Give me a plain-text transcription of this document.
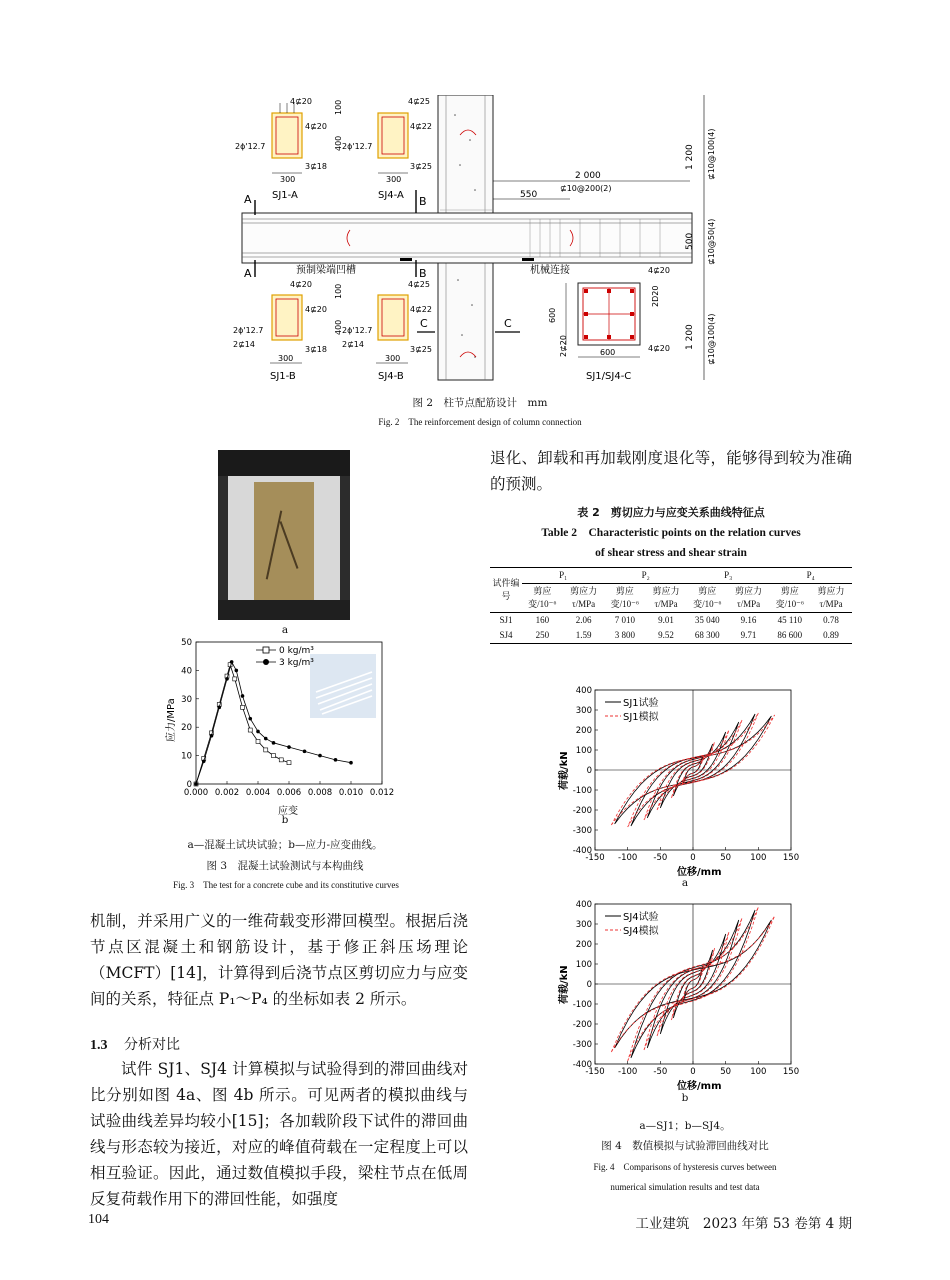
A
A
B
B
C	C
预制梁端凹槽	机械连接
2 000
⊈10@200(2)
550
1 200 ⊈10@100(4)
500 ⊈10@50(4)
1 200 ⊈10@100(4)
4⊈20
4⊈20
3⊈18
2ϕ'12.7
300
400
100
SJ1-A
4⊈25
4⊈22
3⊈25
2ϕ'12.7
300
SJ4-A
4⊈20
4⊈20
3⊈18
2ϕ'12.7
2⊈14
300
SJ1-B
4⊈25
4⊈22
3⊈25
2ϕ'12.7
2⊈14
300
400
100
SJ4-B
4⊈20
2D20
2⊈20	4⊈20
600
600
SJ1/SJ4-C
图 2　柱节点配筋设计　mm
Fig. 2　The reinforcement design of column connection
a
0.000 0.002 0.004 0.006 0.008 0.010 0.012
0
10
20
30
40
50
0 kg/m³
3 kg/m³
应变
应力/MPa
b
a—混凝土试块试验；b—应力-应变曲线。
图 3　混凝土试验测试与本构曲线
Fig. 3　The test for a concrete cube and its constitutive curves
机制，并采用广义的一维荷载变形滞回模型。根据后浇节点区混凝土和钢筋设计，基于修正斜压场理论（MCFT）[14]，计算得到后浇节点区剪切应力与应变间的关系，特征点 P₁～P₄ 的坐标如表 2 所示。
1.3 分析对比
试件 SJ1、SJ4 计算模拟与试验得到的滞回曲线对比分别如图 4a、图 4b 所示。可见两者的模拟曲线与试验曲线差异均较小[15]；各加载阶段下试件的滞回曲线与形态较为接近，对应的峰值荷载在一定程度上可以相互验证。因此，通过数值模拟手段，梁柱节点在低周反复荷载作用下的滞回性能，如强度
退化、卸载和再加载刚度退化等，能够得到较为准确的预测。
表 2　剪切应力与应变关系曲线特征点
Table 2　Characteristic points on the relation curves
of shear stress and shear strain
试件编号	P₁		P₂		P₃		P₄	
	剪应变/10⁻⁶	剪应力 τ/MPa	剪应变/10⁻⁶	剪应力 τ/MPa	剪应变/10⁻⁶	剪应力 τ/MPa	剪应变/10⁻⁶	剪应力 τ/MPa
SJ1	160	2.06	7 010	9.01	35 040	9.16	45 110	0.78
SJ4	250	1.59	3 800	9.52	68 300	9.71	86 600	0.89
-150 -100 -50	0	50 100 150
400
300
200
100
0
-100
-200
-300
-400
SJ1试验
SJ1模拟
位移/mm
荷载/kN
a
-150 -100 -50	0	50 100 150
400
300
200
100
0
-100
-200
-300
-400
SJ4试验
SJ4模拟
位移/mm
荷载/kN
b
a—SJ1；b—SJ4。
图 4　数值模拟与试验滞回曲线对比
Fig. 4　Comparisons of hysteresis curves between
numerical simulation results and test data
104	工业建筑　2023 年第 53 卷第 4 期
